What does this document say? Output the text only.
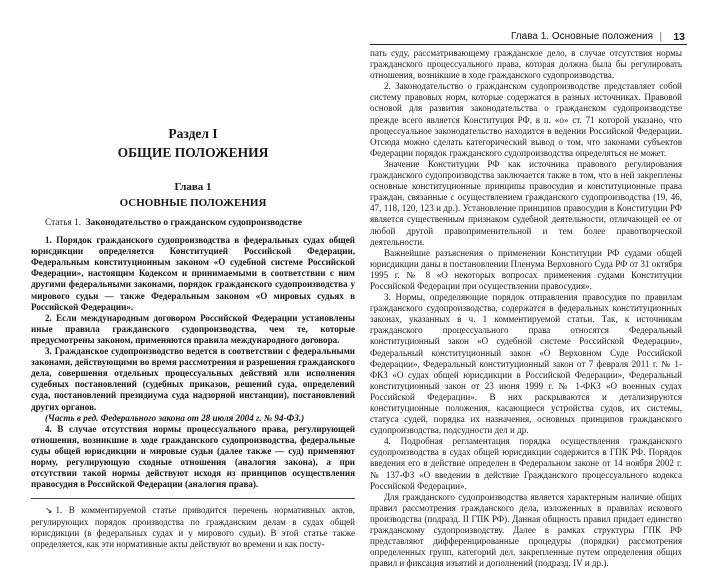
Глава 1. Основные положения | 13

Раздел I

ОБЩИЕ ПОЛОЖЕНИЯ

Глава 1

ОСНОВНЫЕ ПОЛОЖЕНИЯ

Статья 1. Законодательство о гражданском судопроизводстве

1. Порядок гражданского судопроизводства в федеральных судах общей юрисдикции определяется Конституцией Российской Федерации, Федеральным конституционным законом «О судебной системе Российской Федерации», настоящим Кодексом и принимаемыми в соответствии с ним другими федеральными законами, порядок гражданского судопроизводства у мирового судьи — также Федеральным законом «О мировых судьях в Российской Федерации».

2. Если международным договором Российской Федерации установлены иные правила гражданского судопроизводства, чем те, которые предусмотрены законом, применяются правила международного договора.

3. Гражданское судопроизводство ведется в соответствии с федеральными законами, действующими во время рассмотрения и разрешения гражданского дела, совершения отдельных процессуальных действий или исполнения судебных постановлений (судебных приказов, решений суда, определений суда, постановлений президиума суда надзорной инстанции), постановлений других органов.

(Часть в ред. Федерального закона от 28 июля 2004 г. № 94-ФЗ.)

4. В случае отсутствия нормы процессуального права, регулирующей отношения, возникшие в ходе гражданского судопроизводства, федеральные суды общей юрисдикции и мировые судьи (далее также — суд) применяют норму, регулирующую сходные отношения (аналогия закона), а при отсутствии такой нормы действуют исходя из принципов осуществления правосудия в Российской Федерации (аналогия права).

↘ 1. В комментируемой статье приводится перечень нормативных актов, регулирующих порядок производства по гражданским делам в судах общей юрисдикции (в федеральных судах и у мирового судьи). В этой статье также определяется, как эти нормативные акты действуют во времени и как посту-

пать суду, рассматривающему гражданское дело, в случае отсутствия нормы гражданского процессуального права, которая должна была бы регулировать отношения, возникшие в ходе гражданского судопроизводства.

2. Законодательство о гражданском судопроизводстве представляет собой систему правовых норм, которые содержатся в разных источниках. Правовой основой для развития законодательства о гражданском судопроизводстве прежде всего является Конституция РФ, в п. «о» ст. 71 которой указано, что процессуальное законодательство находится в ведении Российской Федерации. Отсюда можно сделать категорический вывод о том, что законами субъектов Федерации порядок гражданского судопроизводства определяться не может.

Значение Конституции РФ как источника правового регулирования гражданского судопроизводства заключается также в том, что в ней закреплены основные конституционные принципы правосудия и конституционные права граждан, связанные с осуществлением гражданского судопроизводства (19, 46, 47, 118, 120, 123 и др.). Установление принципов правосудия в Конституции РФ является существенным признаком судебной деятельности, отличающей ее от любой другой правоприменительной и тем более правотворческой деятельности.

Важнейшие разъяснения о применении Конституции РФ судами общей юрисдикции даны в постановлении Пленума Верховного Суда РФ от 31 октября 1995 г. № 8 «О некоторых вопросах применения судами Конституции Российской Федерации при осуществлении правосудия».

3. Нормы, определяющие порядок отправления правосудия по правилам гражданского судопроизводства, содержатся в федеральных конституционных законах, указанных в ч. 1 комментируемой статьи. Так, к источникам гражданского процессуального права относятся Федеральный конституционный закон «О судебной системе Российской Федерации», Федеральный конституционный закон «О Верховном Суде Российской Федерации», Федеральный конституционный закон от 7 февраля 2011 г. № 1-ФКЗ «О судах общей юрисдикции в Российской Федерации», Федеральный конституционный закон от 23 июня 1999 г. № 1-ФКЗ «О военных судах Российской Федерации». В них раскрываются и детализируются конституционные положения, касающиеся устройства судов, их системы, статуса судей, порядка их назначения, основных принципов гражданского судопроизводства, подсудности дел и др.

4. Подробная регламентация порядка осуществления гражданского судопроизводства в судах общей юрисдикции содержится в ГПК РФ. Порядок введения его в действие определен в Федеральном законе от 14 ноября 2002 г. № 137-ФЗ «О введении в действие Гражданского процессуального кодекса Российской Федерации».

Для гражданского судопроизводства является характерным наличие общих правил рассмотрения гражданского дела, изложенных в правилах искового производства (подразд. II ГПК РФ). Данная общность правил придает единство гражданскому судопроизводству. Далее в рамках структуры ГПК РФ представляют дифференцированные процедуры (порядки) рассмотрения определенных групп, категорий дел, закрепленные путем определения общих правил и фикcация изъятий и дополнений (подразд. IV и др.).
